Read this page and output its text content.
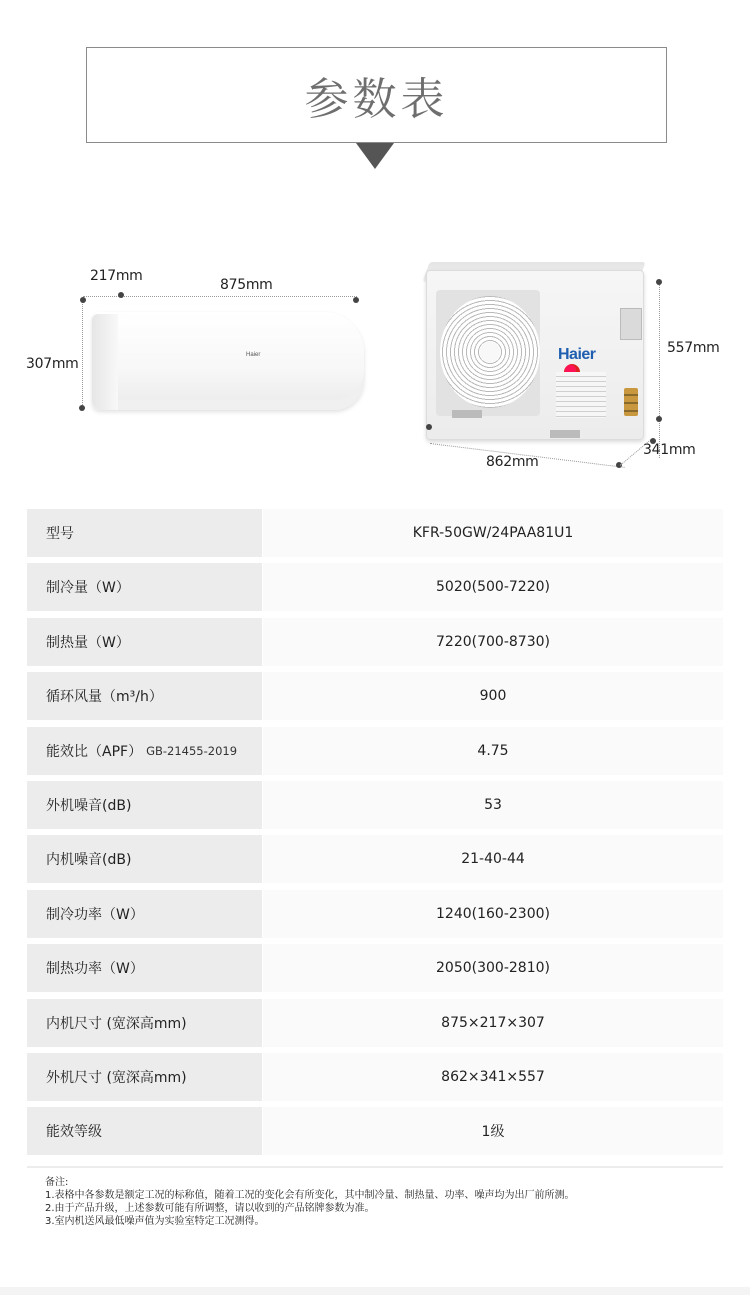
参数表
217mm
875mm
307mm
Haier	Haier	557mm
862mm
341mm
型号	KFR-50GW/24PAA81U1
制冷量（W）	5020(500-7220)
制热量（W）	7220(700-8730)
循环风量（m³/h）	900
能效比（APF） GB-21455-2019	4.75
外机噪音(dB)	53
内机噪音(dB)	21-40-44
制冷功率（W）	1240(160-2300)
制热功率（W）	2050(300-2810)
内机尺寸 (宽深高mm)	875×217×307
外机尺寸 (宽深高mm)	862×341×557
能效等级	1级
备注:
1.表格中各参数是额定工况的标称值，随着工况的变化会有所变化，其中制冷量、制热量、功率、噪声均为出厂前所测。
2.由于产品升级，上述参数可能有所调整，请以收到的产品铭牌参数为准。
3.室内机送风最低噪声值为实验室特定工况测得。
